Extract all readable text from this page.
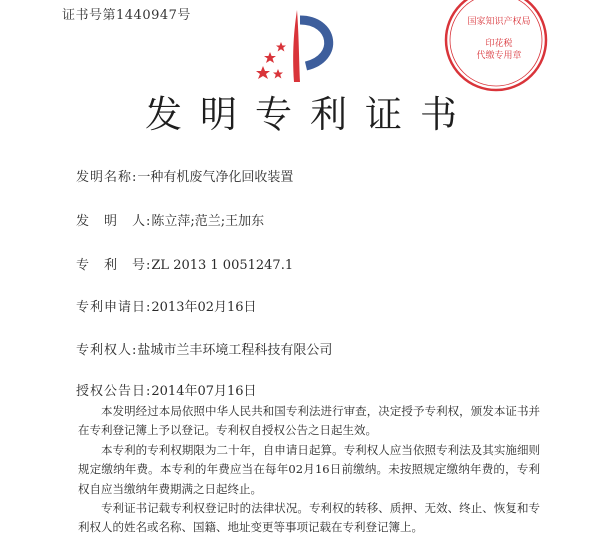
证书号第1440947号	国家知识产权局
印花税
代缴专用章
发明专利证书
发明名称:一种有机废气净化回收装置
发　明　人:陈立萍;范兰;王加东
专　利　号:ZL 2013 1 0051247.1
专利申请日:2013年02月16日
专利权人:盐城市兰丰环境工程科技有限公司
授权公告日:2014年07月16日

本发明经过本局依照中华人民共和国专利法进行审查，决定授予专利权，颁发本证书并在专利登记簿上予以登记。专利权自授权公告之日起生效。

本专利的专利权期限为二十年，自申请日起算。专利权人应当依照专利法及其实施细则规定缴纳年费。本专利的年费应当在每年02月16日前缴纳。未按照规定缴纳年费的，专利权自应当缴纳年费期满之日起终止。

专利证书记载专利权登记时的法律状况。专利权的转移、质押、无效、终止、恢复和专利权人的姓名或名称、国籍、地址变更等事项记载在专利登记簿上。
